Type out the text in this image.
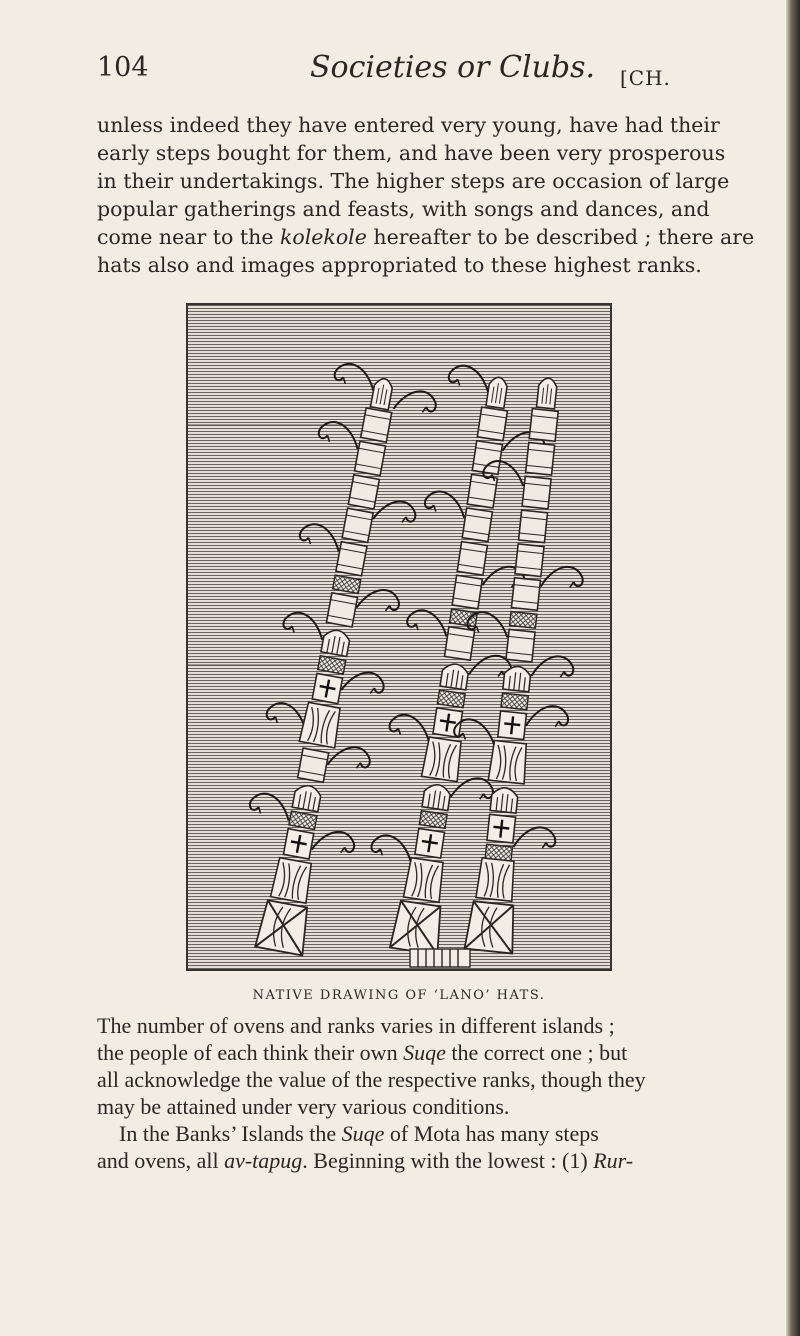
104	Societies or Clubs. [CH.
unless indeed they have entered very young, have had their
early steps bought for them, and have been very prosperous
in their undertakings. The higher steps are occasion of large
popular gatherings and feasts, with songs and dances, and
come near to the kolekole hereafter to be described ; there are
hats also and images appropriated to these highest ranks.
NATIVE DRAWING OF ‘LANO’ HATS.
The number of ovens and ranks varies in different islands ;
the people of each think their own Suqe the correct one ; but
all acknowledge the value of the respective ranks, though they
may be attained under very various conditions.
In the Banks’ Islands the Suqe of Mota has many steps
and ovens, all av-tapug. Beginning with the lowest : (1) Rur-
